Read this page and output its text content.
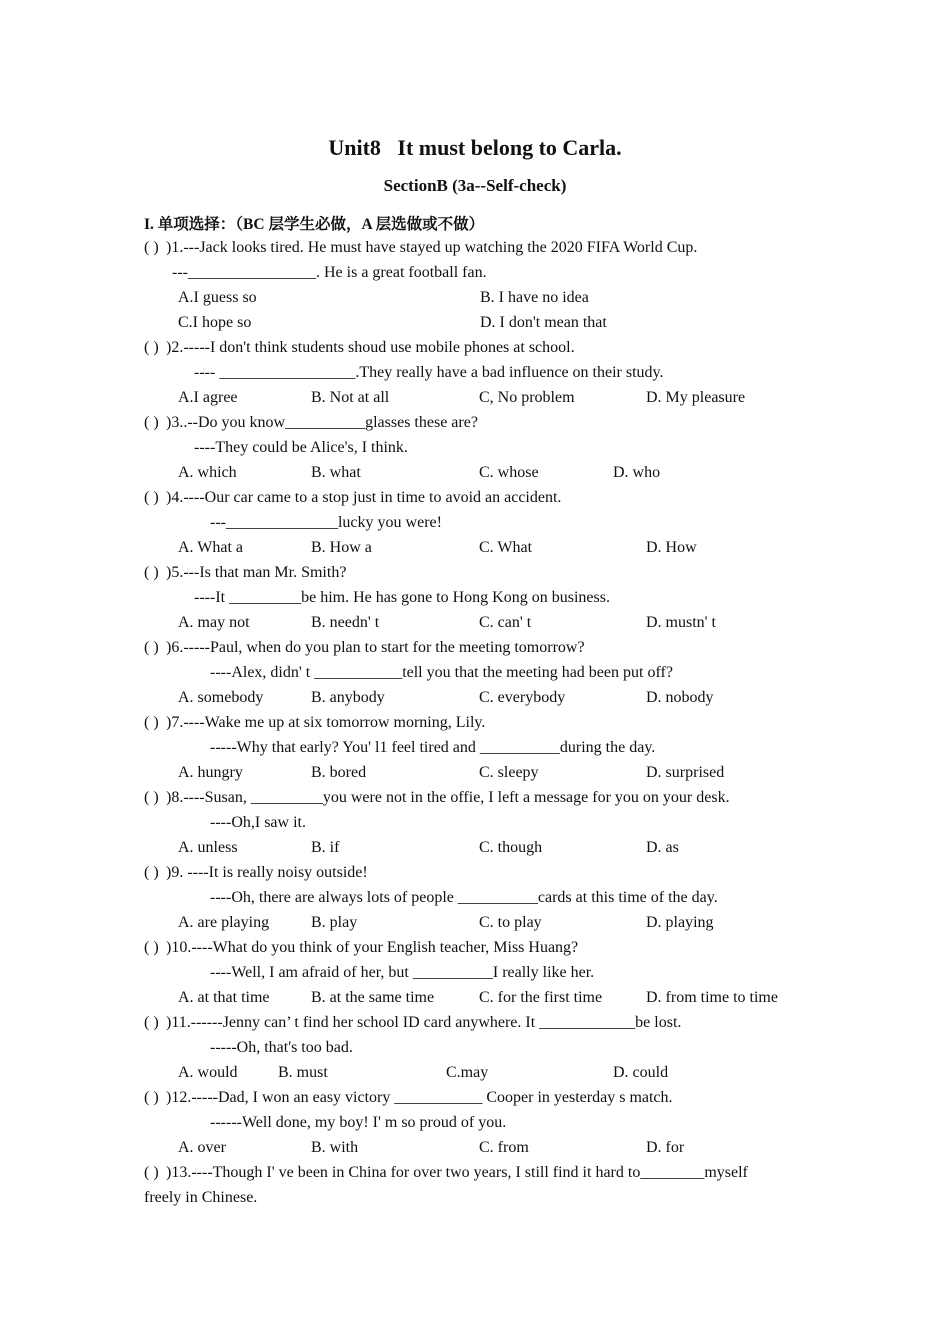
Unit8   It must belong to Carla.
SectionB (3a--Self-check)
I. 单项选择：（BC 层学生必做，A 层选做或不做）
( ) )1.---Jack looks tired. He must have stayed up watching the 2020 FIFA World Cup.
---________________. He is a great football fan.
A.I guess so	B. I have no idea
C.I hope so	D. I don't mean that
( ) )2.-----I don't think students shoud use mobile phones at school.
---- _________________.They really have a bad influence on their study.
A.I agree	B. Not at all	C, No problem	D. My pleasure
( ) )3..--Do you know__________glasses these are?
----They could be Alice's, I think.
A. which	B. what	C. whose	D. who
( ) )4.----Our car came to a stop just in time to avoid an accident.
---______________lucky you were!
A. What a	B. How a	C. What	D. How
( ) )5.---Is that man Mr. Smith?
----It _________be him. He has gone to Hong Kong on business.
A. may not	B. needn' t	C. can' t	D. mustn' t
( ) )6.-----Paul, when do you plan to start for the meeting tomorrow?
----Alex, didn' t ___________tell you that the meeting had been put off?
A. somebody	B. anybody	C. everybody	D. nobody
( ) )7.----Wake me up at six tomorrow morning, Lily.
-----Why that early? You' l1 feel tired and __________during the day.
A. hungry	B. bored	C. sleepy	D. surprised
( ) )8.----Susan, _________you were not in the offie, I left a message for you on your desk.
----Oh,I saw it.
A. unless	B. if	C. though	D. as
( ) )9. ----It is really noisy outside!
----Oh, there are always lots of people __________cards at this time of the day.
A. are playing	B. play	C. to play	D. playing
( ) )10.----What do you think of your English teacher, Miss Huang?
----Well, I am afraid of her, but __________I really like her.
A. at that time	B. at the same time	C. for the first time	D. from time to time
( ) )11.------Jenny can’ t find her school ID card anywhere. It ____________be lost.
-----Oh, that's too bad.
A. would	B. must	C.may	D. could
( ) )12.-----Dad, I won an easy victory ___________ Cooper in yesterday s match.
------Well done, my boy! I' m so proud of you.
A. over	B. with	C. from	D. for
( ) )13.----Though I' ve been in China for over two years, I still find it hard to________myself
freely in Chinese.
